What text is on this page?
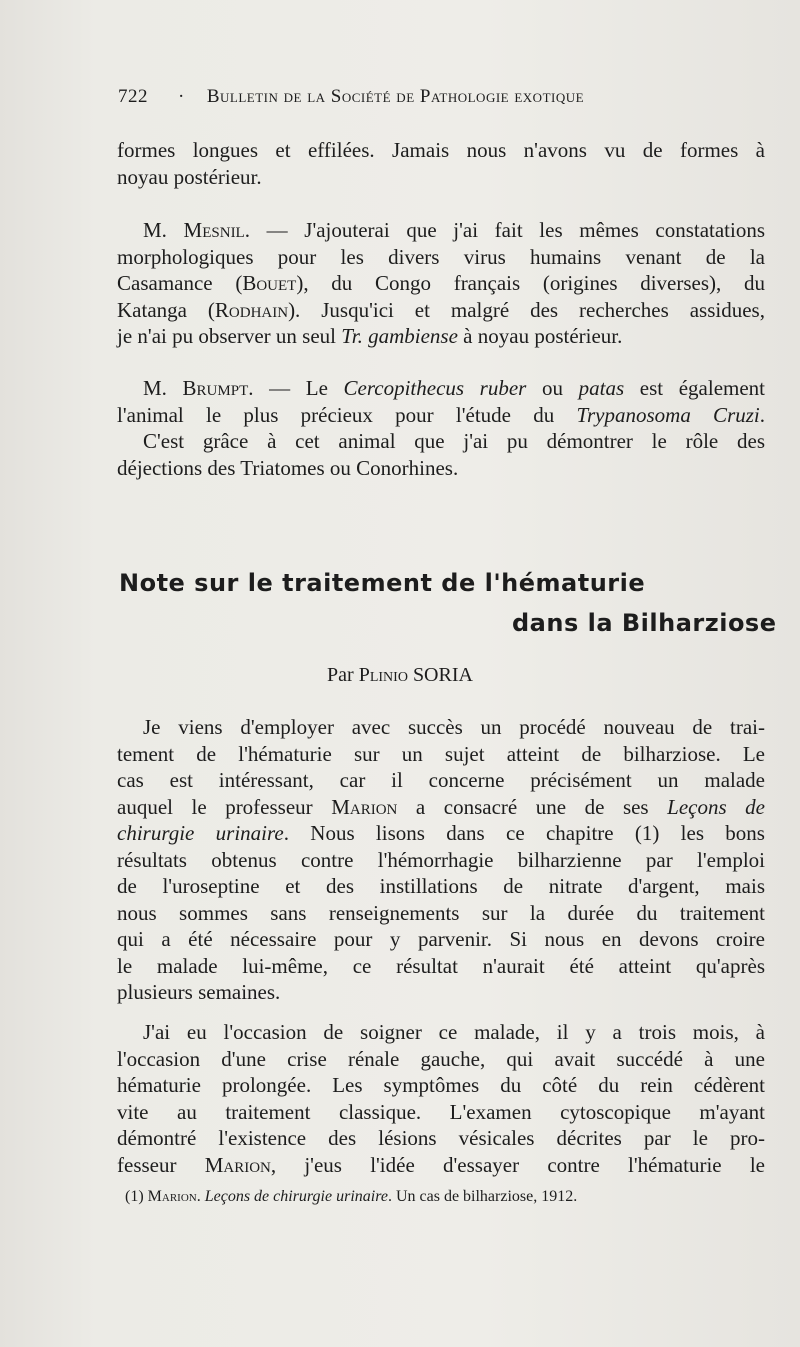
722 · Bulletin de la Société de Pathologie exotique
formes longues et effilées. Jamais nous n'avons vu de formes à
noyau postérieur.
M. Mesnil. — J'ajouterai que j'ai fait les mêmes constatations
morphologiques pour les divers virus humains venant de la
Casamance (Bouet), du Congo français (origines diverses), du
Katanga (Rodhain). Jusqu'ici et malgré des recherches assidues,
je n'ai pu observer un seul Tr. gambiense à noyau postérieur.
M. Brumpt. — Le Cercopithecus ruber ou patas est également
l'animal le plus précieux pour l'étude du Trypanosoma Cruzi.
C'est grâce à cet animal que j'ai pu démontrer le rôle des
déjections des Triatomes ou Conorhines.
Note sur le traitement de l'hématurie
dans la Bilharziose
Par Plinio SORIA
Je viens d'employer avec succès un procédé nouveau de trai-
tement de l'hématurie sur un sujet atteint de bilharziose. Le
cas est intéressant, car il concerne précisément un malade
auquel le professeur Marion a consacré une de ses Leçons de
chirurgie urinaire. Nous lisons dans ce chapitre (1) les bons
résultats obtenus contre l'hémorrhagie bilharzienne par l'emploi
de l'uroseptine et des instillations de nitrate d'argent, mais
nous sommes sans renseignements sur la durée du traitement
qui a été nécessaire pour y parvenir. Si nous en devons croire
le malade lui-même, ce résultat n'aurait été atteint qu'après
plusieurs semaines.
J'ai eu l'occasion de soigner ce malade, il y a trois mois, à
l'occasion d'une crise rénale gauche, qui avait succédé à une
hématurie prolongée. Les symptômes du côté du rein cédèrent
vite au traitement classique. L'examen cytoscopique m'ayant
démontré l'existence des lésions vésicales décrites par le pro-
fesseur Marion, j'eus l'idée d'essayer contre l'hématurie le
(1) Marion. Leçons de chirurgie urinaire. Un cas de bilharziose, 1912.
